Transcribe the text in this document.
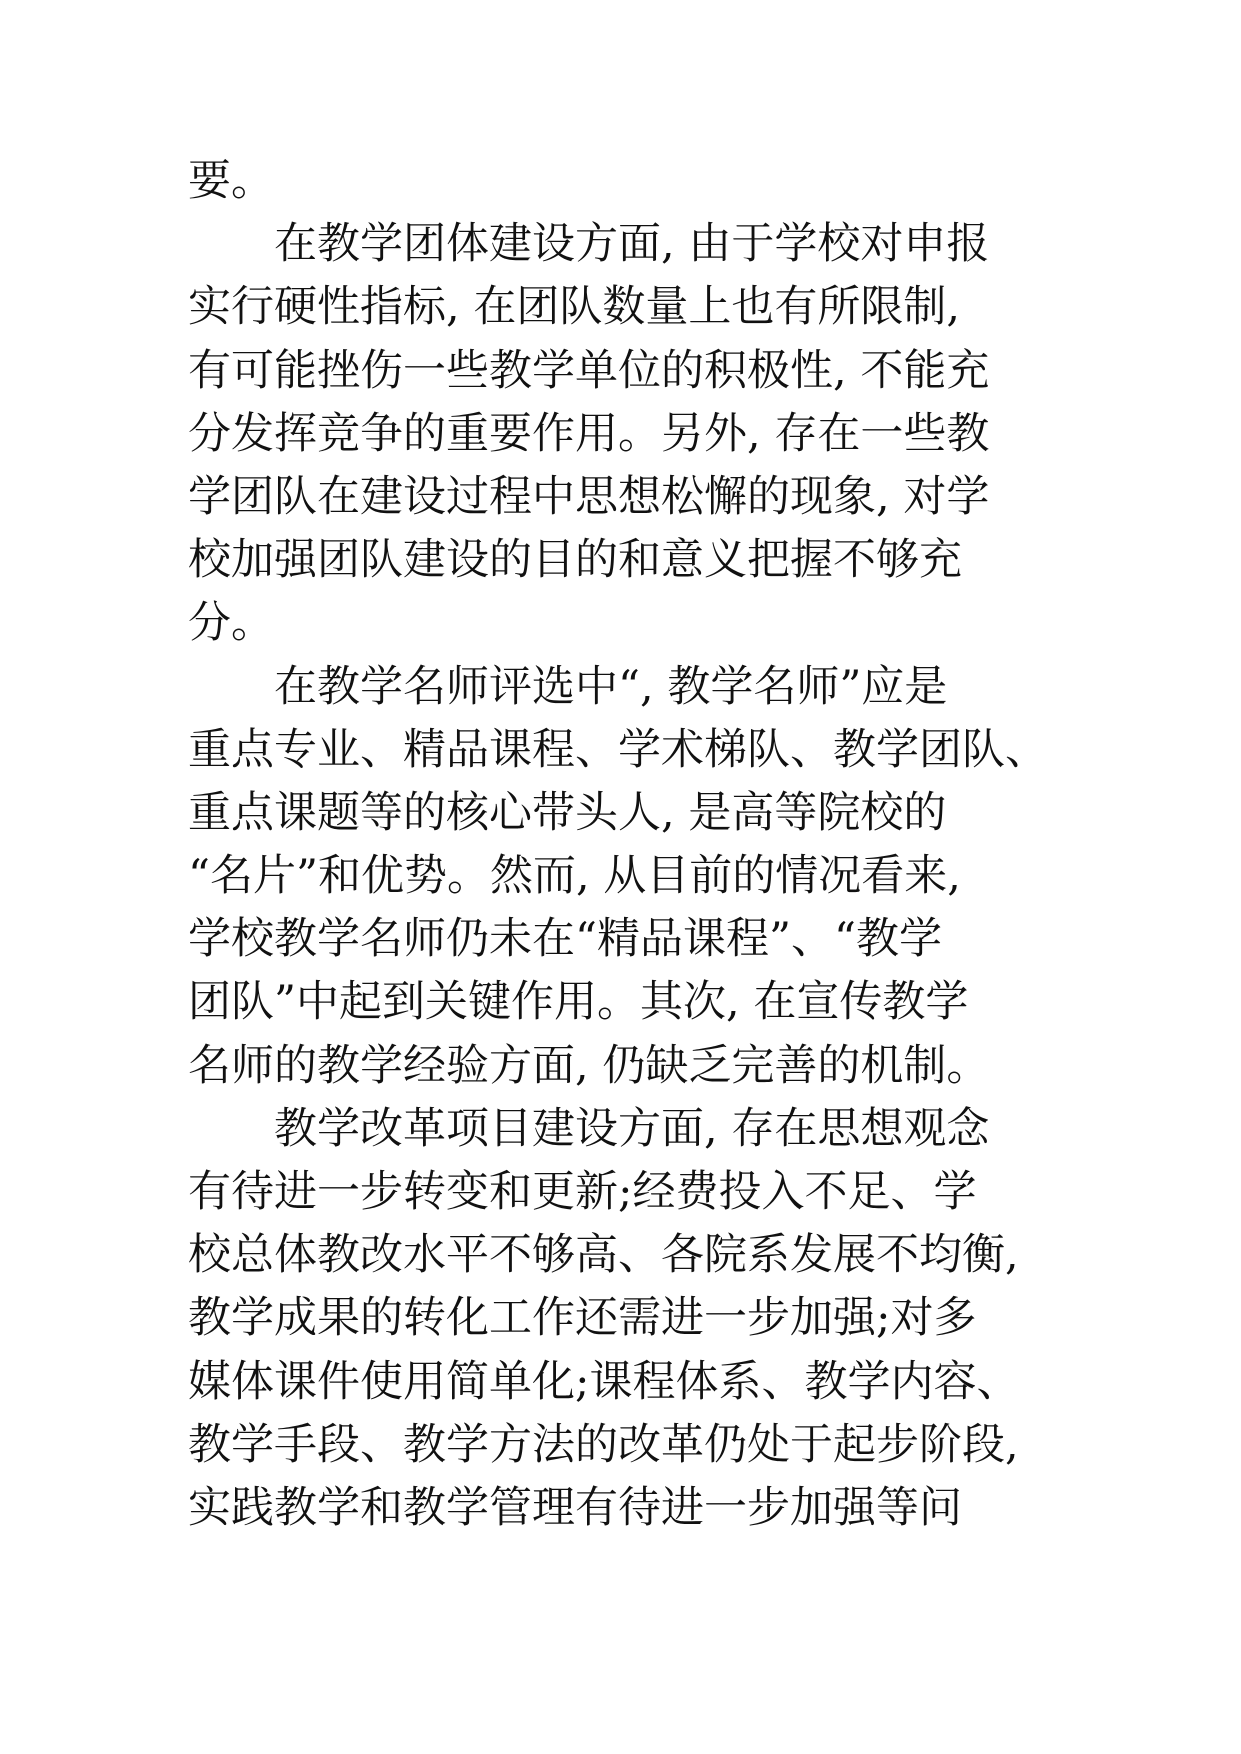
要。
　　在教学团体建设方面, 由于学校对申报
实行硬性指标, 在团队数量上也有所限制,
有可能挫伤一些教学单位的积极性, 不能充
分发挥竞争的重要作用。另外, 存在一些教
学团队在建设过程中思想松懈的现象, 对学
校加强团队建设的目的和意义把握不够充
分。
　　在教学名师评选中“, 教学名师”应是
重点专业、精品课程、学术梯队、教学团队、
重点课题等的核心带头人, 是高等院校的
“名片”和优势。然而, 从目前的情况看来,
学校教学名师仍未在“精品课程”、“教学
团队”中起到关键作用。其次, 在宣传教学
名师的教学经验方面, 仍缺乏完善的机制。
　　教学改革项目建设方面, 存在思想观念
有待进一步转变和更新;经费投入不足、学
校总体教改水平不够高、各院系发展不均衡,
教学成果的转化工作还需进一步加强;对多
媒体课件使用简单化;课程体系、教学内容、
教学手段、教学方法的改革仍处于起步阶段,
实践教学和教学管理有待进一步加强等问
